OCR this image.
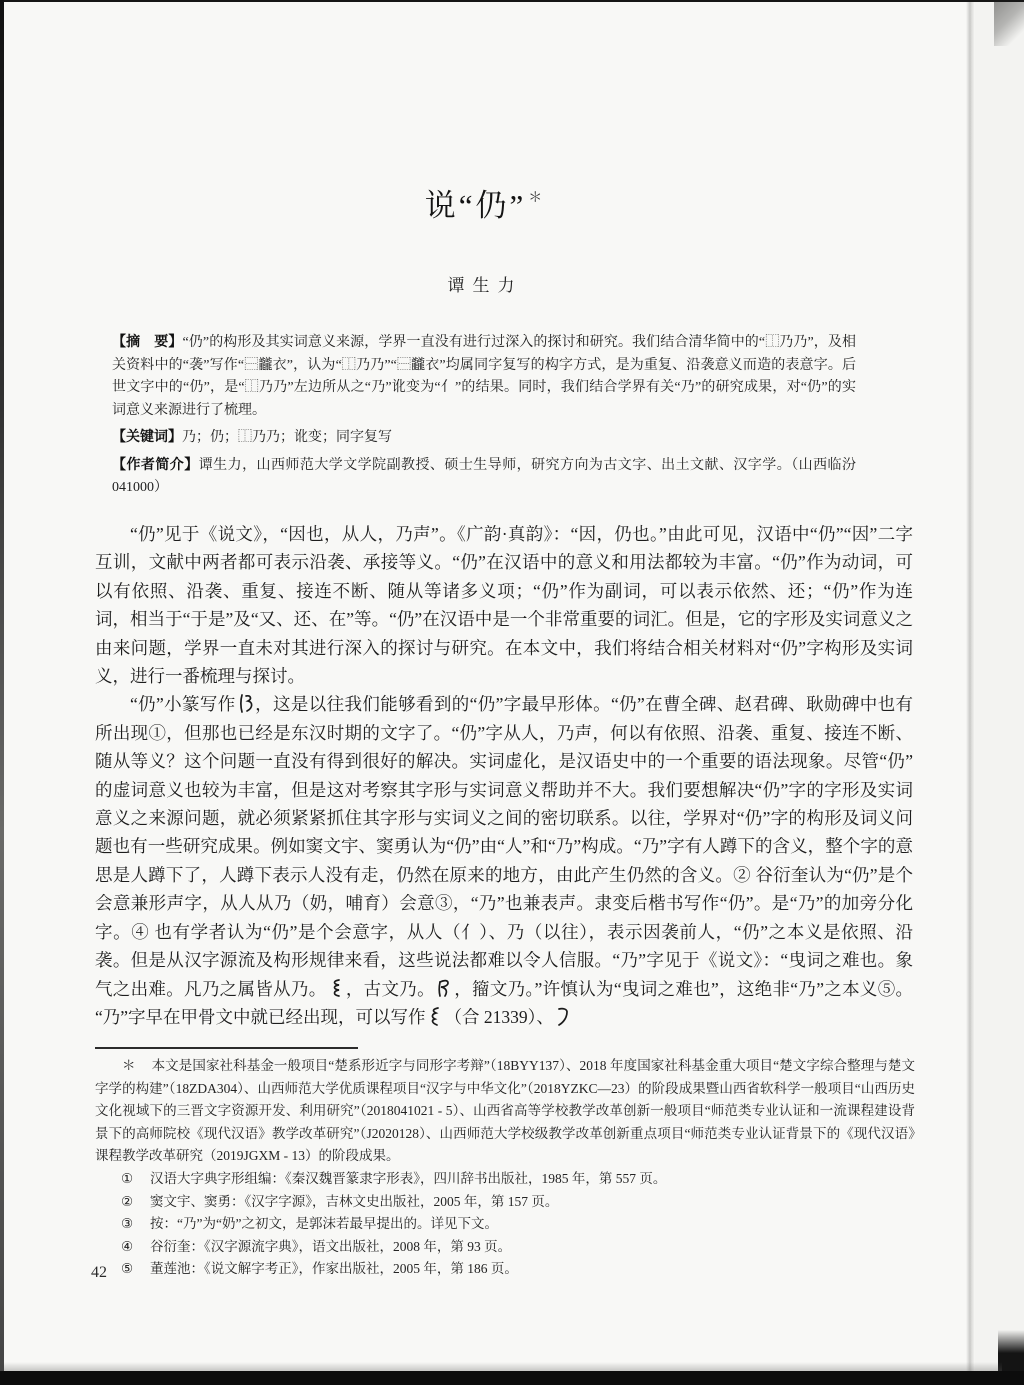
说“仍” ＊
谭生力

【摘　要】“仍”的构形及其实词意义来源，学界一直没有进行过深入的探讨和研究。我们结合清华简中的“⿰乃乃”，及相关资料中的“袭”写作“⿱龖衣”，认为“⿰乃乃”“⿱龖衣”均属同字复写的构字方式，是为重复、沿袭意义而造的表意字。后世文字中的“仍”，是“⿰乃乃”左边所从之“乃”讹变为“亻”的结果。同时，我们结合学界有关“乃”的研究成果，对“仍”的实词意义来源进行了梳理。

【关键词】乃；仍；⿰乃乃；讹变；同字复写

【作者简介】谭生力，山西师范大学文学院副教授、硕士生导师，研究方向为古文字、出土文献、汉字学。（山西临汾　041000）

“仍”见于《说文》，“因也，从人，乃声”。《广韵·真韵》：“因，仍也。”由此可见，汉语中“仍”“因”二字互训，文献中两者都可表示沿袭、承接等义。“仍”在汉语中的意义和用法都较为丰富。“仍”作为动词，可以有依照、沿袭、重复、接连不断、随从等诸多义项；“仍”作为副词，可以表示依然、还；“仍”作为连词，相当于“于是”及“又、还、在”等。“仍”在汉语中是一个非常重要的词汇。但是，它的字形及实词意义之由来问题，学界一直未对其进行深入的探讨与研究。在本文中，我们将结合相关材料对“仍”字构形及实词义，进行一番梳理与探讨。

“仍”小篆写作 ，这是以往我们能够看到的“仍”字最早形体。“仍”在曹全碑、赵君碑、耿勋碑中也有所出现①，但那也已经是东汉时期的文字了。“仍”字从人，乃声，何以有依照、沿袭、重复、接连不断、随从等义？这个问题一直没有得到很好的解决。实词虚化，是汉语史中的一个重要的语法现象。尽管“仍”的虚词意义也较为丰富，但是这对考察其字形与实词意义帮助并不大。我们要想解决“仍”字的字形及实词意义之来源问题，就必须紧紧抓住其字形与实词义之间的密切联系。以往，学界对“仍”字的构形及词义问题也有一些研究成果。例如窦文宇、窦勇认为“仍”由“人”和“乃”构成。“乃”字有人蹲下的含义，整个字的意思是人蹲下了，人蹲下表示人没有走，仍然在原来的地方，由此产生仍然的含义。② 谷衍奎认为“仍”是个会意兼形声字，从人从乃（奶，哺育）会意③，“乃”也兼表声。隶变后楷书写作“仍”。是“乃”的加旁分化字。④ 也有学者认为“仍”是个会意字，从人（亻）、乃（以往），表示因袭前人，“仍”之本义是依照、沿袭。但是从汉字源流及构形规律来看，这些说法都难以令人信服。“乃”字见于《说文》：“曳词之难也。象气之出难。凡乃之属皆从乃。 ，古文乃。 ，籀文乃。”许慎认为“曳词之难也”，这绝非“乃”之本义⑤。“乃”字早在甲骨文中就已经出现，可以写作 （合 21339）、

＊ 本文是国家社科基金一般项目“楚系形近字与同形字考辩”（18BYY137）、2018 年度国家社科基金重大项目“楚文字综合整理与楚文字学的构建”（18ZDA304）、山西师范大学优质课程项目“汉字与中华文化”（2018YZKC—23）的阶段成果暨山西省软科学一般项目“山西历史文化视域下的三晋文字资源开发、利用研究”（2018041021 - 5）、山西省高等学校教学改革创新一般项目“师范类专业认证和一流课程建设背景下的高师院校《现代汉语》教学改革研究”（J2020128）、山西师范大学校级教学改革创新重点项目“师范类专业认证背景下的《现代汉语》课程教学改革研究（2019JGXM - 13）的阶段成果。

① 汉语大字典字形组编：《秦汉魏晋篆隶字形表》，四川辞书出版社，1985 年，第 557 页。

② 窦文宇、窦勇：《汉字字源》，吉林文史出版社，2005 年，第 157 页。

③ 按：“乃”为“奶”之初文，是郭沫若最早提出的。详见下文。

④ 谷衍奎：《汉字源流字典》，语文出版社，2008 年，第 93 页。

⑤ 董莲池：《说文解字考正》，作家出版社，2005 年，第 186 页。

42
